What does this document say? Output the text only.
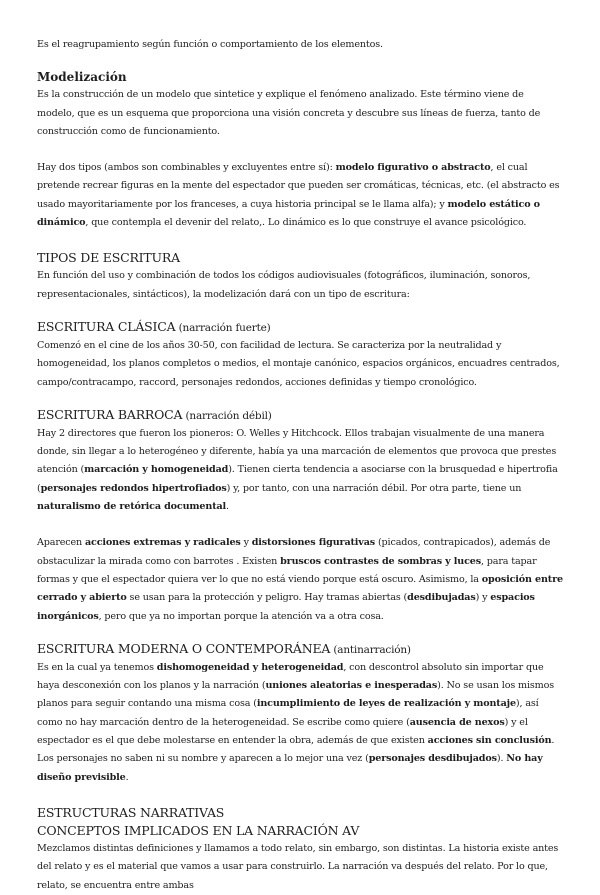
Es el reagrupamiento según función o comportamiento de los elementos.

Modelización

Es la construcción de un modelo que sintetice y explique el fenómeno analizado. Este término viene de modelo, que es un esquema que proporciona una visión concreta y descubre sus líneas de fuerza, tanto de construcción como de funcionamiento.

Hay dos tipos (ambos son combinables y excluyentes entre sí): modelo figurativo o abstracto, el cual pretende recrear figuras en la mente del espectador que pueden ser cromáticas, técnicas, etc. (el abstracto es usado mayoritariamente por los franceses, a cuya historia principal se le llama alfa); y modelo estático o dinámico, que contempla el devenir del relato,. Lo dinámico es lo que construye el avance psicológico.

TIPOS DE ESCRITURA

En función del uso y combinación de todos los códigos audiovisuales (fotográficos, iluminación, sonoros, representacionales, sintácticos), la modelización dará con un tipo de escritura:

ESCRITURA CLÁSICA (narración fuerte)

Comenzó en el cine de los años 30-50, con facilidad de lectura. Se caracteriza por la neutralidad y homogeneidad, los planos completos o medios, el montaje canónico, espacios orgánicos, encuadres centrados, campo/contracampo, raccord, personajes redondos, acciones definidas y tiempo cronológico.

ESCRITURA BARROCA (narración débil)

Hay 2 directores que fueron los pioneros: O. Welles y Hitchcock. Ellos trabajan visualmente de una manera donde, sin llegar a lo heterogéneo y diferente, había ya una marcación de elementos que provoca que prestes atención (marcación y homogeneidad). Tienen cierta tendencia a asociarse con la brusquedad e hipertrofia (personajes redondos hipertrofiados) y, por tanto, con una narración débil. Por otra parte, tiene un naturalismo de retórica documental.

Aparecen acciones extremas y radicales y distorsiones figurativas (picados, contrapicados), además de obstaculizar la mirada como con barrotes . Existen bruscos contrastes de sombras y luces, para tapar formas y que el espectador quiera ver lo que no está viendo porque está oscuro. Asimismo, la oposición entre cerrado y abierto se usan para la protección y peligro. Hay tramas abiertas (desdibujadas) y espacios inorgánicos, pero que ya no importan porque la atención va a otra cosa.

ESCRITURA MODERNA O CONTEMPORÁNEA (antinarración)

Es en la cual ya tenemos dishomogeneidad y heterogeneidad, con descontrol absoluto sin importar que haya desconexión con los planos y la narración (uniones aleatorias e inesperadas). No se usan los mismos planos para seguir contando una misma cosa (incumplimiento de leyes de realización y montaje), así como no hay marcación dentro de la heterogeneidad. Se escribe como quiere (ausencia de nexos) y el espectador es el que debe molestarse en entender la obra, además de que existen acciones sin conclusión. Los personajes no saben ni su nombre y aparecen a lo mejor una vez (personajes desdibujados). No hay diseño previsible.

ESTRUCTURAS NARRATIVAS
CONCEPTOS IMPLICADOS EN LA NARRACIÓN AV

Mezclamos distintas definiciones y llamamos a todo relato, sin embargo, son distintas. La historia existe antes del relato y es el material que vamos a usar para construirlo. La narración va después del relato. Por lo que, relato, se encuentra entre ambas
